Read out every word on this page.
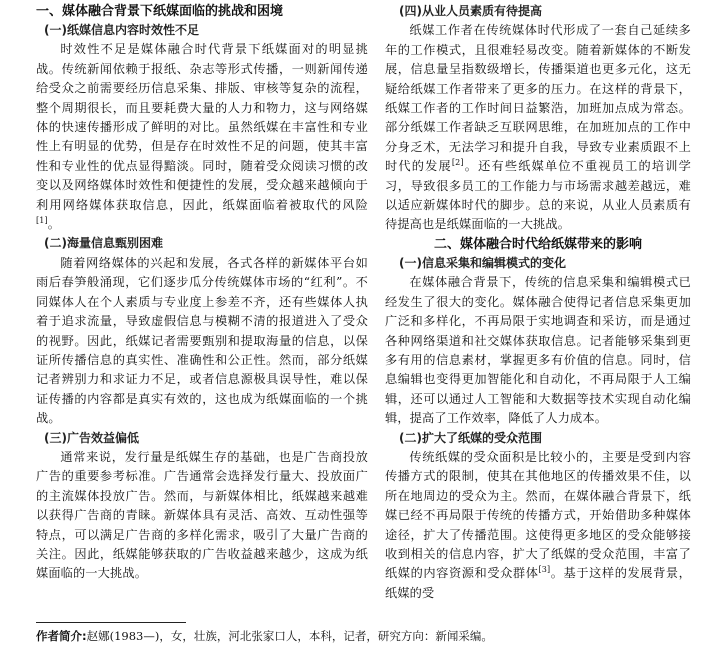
一、媒体融合背景下纸媒面临的挑战和困境
(一)纸媒信息内容时效性不足

时效性不足是媒体融合时代背景下纸媒面对的明显挑战。传统新闻依赖于报纸、杂志等形式传播，一则新闻传递给受众之前需要经历信息采集、排版、审核等复杂的流程，整个周期很长，而且要耗费大量的人力和物力，这与网络媒体的快速传播形成了鲜明的对比。虽然纸媒在丰富性和专业性上有明显的优势，但是存在时效性不足的问题，使其丰富性和专业性的优点显得黯淡。同时，随着受众阅读习惯的改变以及网络媒体时效性和便捷性的发展，受众越来越倾向于利用网络媒体获取信息，因此，纸媒面临着被取代的风险[1]。

(二)海量信息甄别困难

随着网络媒体的兴起和发展，各式各样的新媒体平台如雨后春笋般涌现，它们逐步瓜分传统媒体市场的“红利”。不同媒体人在个人素质与专业度上参差不齐，还有些媒体人执着于追求流量，导致虚假信息与模糊不清的报道进入了受众的视野。因此，纸媒记者需要甄别和提取海量的信息，以保证所传播信息的真实性、准确性和公正性。然而，部分纸媒记者辨别力和求证力不足，或者信息源极具误导性，难以保证传播的内容都是真实有效的，这也成为纸媒面临的一个挑战。

(三)广告效益偏低

通常来说，发行量是纸媒生存的基础，也是广告商投放广告的重要参考标准。广告通常会选择发行量大、投放面广的主流媒体投放广告。然而，与新媒体相比，纸媒越来越难以获得广告商的青睐。新媒体具有灵活、高效、互动性强等特点，可以满足广告商的多样化需求，吸引了大量广告商的关注。因此，纸媒能够获取的广告收益越来越少，这成为纸媒面临的一大挑战。

(四)从业人员素质有待提高

纸媒工作者在传统媒体时代形成了一套自己延续多年的工作模式，且很难轻易改变。随着新媒体的不断发展，信息量呈指数级增长，传播渠道也更多元化，这无疑给纸媒工作者带来了更多的压力。在这样的背景下，纸媒工作者的工作时间日益繁浩，加班加点成为常态。部分纸媒工作者缺乏互联网思维，在加班加点的工作中分身乏术，无法学习和提升自我，导致专业素质跟不上时代的发展[2]。还有些纸媒单位不重视员工的培训学习，导致很多员工的工作能力与市场需求越差越远，难以适应新媒体时代的脚步。总的来说，从业人员素质有待提高也是纸媒面临的一大挑战。

二、媒体融合时代给纸媒带来的影响
(一)信息采集和编辑模式的变化

在媒体融合背景下，传统的信息采集和编辑模式已经发生了很大的变化。媒体融合使得记者信息采集更加广泛和多样化，不再局限于实地调查和采访，而是通过各种网络渠道和社交媒体获取信息。记者能够采集到更多有用的信息素材，掌握更多有价值的信息。同时，信息编辑也变得更加智能化和自动化，不再局限于人工编辑，还可以通过人工智能和大数据等技术实现自动化编辑，提高了工作效率，降低了人力成本。

(二)扩大了纸媒的受众范围

传统纸媒的受众面积是比较小的，主要是受到内容传播方式的限制，使其在其他地区的传播效果不佳，以所在地周边的受众为主。然而，在媒体融合背景下，纸媒已经不再局限于传统的传播方式，开始借助多种媒体途径，扩大了传播范围。这使得更多地区的受众能够接收到相关的信息内容，扩大了纸媒的受众范围，丰富了纸媒的内容资源和受众群体[3]。基于这样的发展背景，纸媒的受

作者简介:赵娜(1983—)，女，壮族，河北张家口人，本科，记者，研究方向：新闻采编。
